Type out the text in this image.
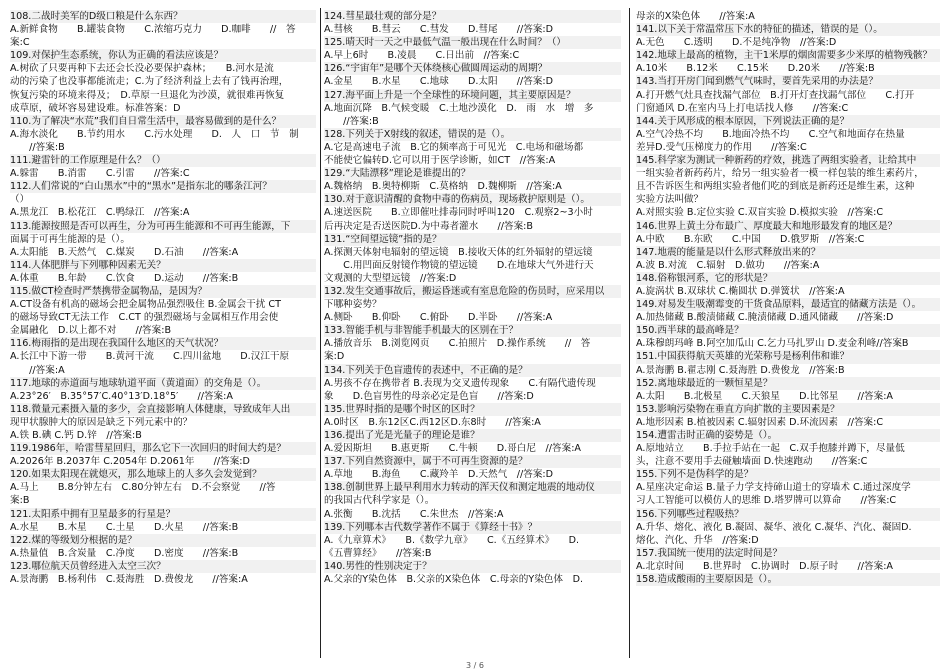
108.二战时美军的D级口粮是什么东西？
A.新鲜食物　　B.罐装食物　　C.浓缩巧克力　　D.咖啡　　//　答
案:C
109.对保护生态系统，你认为正确的看法应该是？
A.树砍了只要再种下去还会长没必要保护森林；　　B.河水是流
动的污染了也没事都能流走；C.为了经济利益上去有了钱再治理，
恢复污染的环境来得及；　D.草原一旦退化为沙漠，就很难再恢复
成草原，破坏容易建设难。标准答案：D
110.为了解决“水荒”我们自日常生活中，最容易做到的是什么？
A.海水淡化　　B.节约用水　　C.污水处理　　D.　人　口　节　制
　　//答案:B
111.避雷针的工作原理是什么？（）
A.躲雷　　B.消雷　　C.引雷　　//答案:C
112.人们常说的“白山黑水”中的“黑水”是指东北的哪条江河？
（）
A.黑龙江　B.松花江　C.鸭绿江　//答案:A
113.能源按照是否可以再生，分为可再生能源和不可再生能源，下
面属于可再生能源的是（）。
A.太阳能　B.天然气　C.煤炭　　D.石油　　//答案:A
114.人体肥胖与下列哪种因素无关？
A.体重　　B.年龄　　C.饮食　　D.运动　　//答案:B
115.做CT检查时严禁携带金属物品，是因为？
A.CT设备有机高的磁场会把金属物品强烈吸住 B.金属会干扰 CT
的磁场导致CT无法工作　C.CT 的强烈磁场与金属相互作用会使
金属融化　D.以上都不对　　//答案:B
116.梅雨指的是出现在我国什么地区的天气状况？
A.长江中下游一带　　B.黄河干流　　C.四川盆地　　D.汉江干原
　　//答案:A
117.地球的赤道面与地球轨道平面（黄道面）的交角是（）。
A.23°26′　B.35°57′C.40°13′D.18°5′　　//答案:A
118.微量元素摄入量的多少，会直接影响人体健康，导致成年人出
现甲状腺肿大的原因是缺乏下列元素中的？
A.铁 B.碘 C.钙 D.锌　//答案:B
119.1986年，哈雷彗星回归，那么它下一次回归的时间大约是？
A.2026年 B.2037年 C.2054年 D.2061年　　//答案:D
120.如果太阳现在就熄灭，那么地球上的人多久会发觉到？
A.马上　　B.8分钟左右　C.80分钟左右　D.不会察觉　　//答
案:B
121.太阳系中拥有卫星最多的行星是？
A.水星　　B.木星　　C.土星　　D.火星　　//答案:B
122.煤的等级划分根据的是？
A.热量值　B.含炭量　C.净度　　D.密度　　//答案:B
123.哪位航天员曾经进入太空三次？
A.景海鹏　B.杨利伟　C.聂海胜　D.费俊龙　　//答案:A
124.彗星最壮观的部分是？
A.彗核　　B.彗云　　C.彗发　　D.彗尾　　//答案:D
125.晴天时一天之中最低气温一般出现在什么时间？（）
A.早上6时　　B.凌晨　　C.日出前　//答案:C
126.“宇宙年”是哪个天体绕核心做圆周运动的周期？
A.金星　　B.水星　　C.地球　　D.太阳　　//答案:D
127.海平面上升是一个全球性的环境问题，其主要原因是？
A.地面沉降　B.气候变暖　C.土地沙漠化　D.　雨　水　增　多
　　//答案:B
128.下列关于X射线的叙述，错误的是（）。
A.它是高速电子流　B.它的频率高于可见光　C.电场和磁场都
不能使它偏转D.它可以用于医学诊断，如CT　//答案:A
129.“大陆漂移”理论是谁提出的？
A.魏格纳　B.奥特柳斯　C.莫格纳　D.魏柳斯　//答案:A
130.对于意识清醒的食物中毒的伤病员，现场救护原则是（）。
A.速送医院　　B.立即催吐排毒同时呼叫120　C.观察2~3小时
后再决定是否送医院D.为中毒者灌水　　//答案:B
131.“空间望远镜”指的是？
A.探测天体射电辐射的望远镜　B.接收天体的红外辐射的望远镜
　　C.用凹面反射镜作物镜的望远镜　　D.在地球大气外进行天
文观测的大型望远镜　//答案:D
132.发生交通事故后，搬运昏迷或有室息危险的伤员时，应采用以
下哪种姿势？
A.侧卧　　B.仰卧　　C.俯卧　　D.半卧　　//答案:A
133.智能手机与非智能手机最大的区别在于？
A.播放音乐　B.浏览网页　　C.拍照片　D.操作系统　　//　答
案:D
134.下列关于色盲遗传的表述中，不正确的是？
A.男孩不存在携带者 B.表现为交叉遗传现象　　C.有隔代遗传现
象　　D.色盲男性的母亲必定是色盲　　//答案:D
135.世界时指的是哪个时区的区时？
A.0时区　B.东12区C.西12区D.东8时　　//答案:A
136.提出了光是光量子的理论是谁？
A.爱因斯坦　　B.惠更斯　　C.牛顿　　D.哥白尼　//答案:A
137.下列自然资源中，属于不可再生资源的是？
A.草地　　B.海鱼　　C.藏羚羊　D.天然气　//答案:D
138.创制世界上最早利用水力转动的浑天仪和测定地震的地动仪
的我国古代科学家是（）。
A.张衡　　B.沈括　　C.朱世杰　//答案:A
139.下列哪本古代数学著作不属于《算经十书》？
A.《九章算术》　　B.《数学九章》　　C.《五经算术》　　D.
《五曹算经》　　//答案:B
140.男性的性别决定于？
A.父亲的Y染色体　B.父亲的X染色体　C.母亲的Y染色体　D.
母亲的X染色体　　//答案:A
141.以下关于常温常压下水的特征的描述，错误的是（）。
A.无色　　C.透明　　D.不是纯净物　//答案:D
142.地球上最高的植物，主干1米厚的烟囱需要多少米厚的植物残骸？
A.10米　　B.12米　　C.15米　　D.20米　　//答案:B
143.当打开房门闻到燃气气味时，要首先采用的办法是？
A.打开燃气灶具查找漏气部位　B.打开灯查找漏气部位　　C.打开
门窗通风 D.在室内马上打电话找人修　　//答案:C
144.关于风形成的根本原因，下列说法正确的是？
A.空气冷热不均　　B.地面冷热不均　　C.空气和地面存在热量
差异D.受气压梯度力的作用　　//答案:C
145.科学家为测试一种新药的疗效，挑选了两组实验者，让给其中
一组实验者新药药片，给另一组实验者一模一样包装的维生素药片，
且不告诉医生和两组实验者他们吃的到底是新药还是维生素，这种
实验方法叫做？
A.对照实验 B.定位实验 C.双盲实验 D.模拟实验　//答案:C
146.世界上黄土分布最广、厚度最大和地形最发育的地区是？
A.中欧　　B.东欧　　C.中国　　D.俄罗斯　//答案:C
147.地震的能量是以什么形式释放出来的？
A.波 B.对流　C.辐射　D.做功　　//答案:A
148.俗称银河系，它的形状是？
A.旋涡状 B.双球状 C.椭圆状 D.弹簧状　//答案:A
149.对易发生吸潮霉变的干货食品原料，最适宜的储藏方法是（）。
A.加热储藏 B.酸渍储藏 C.腌渍储藏 D.通风储藏　　//答案:D
150.西半球的最高峰是？
A.珠穆朗玛峰 B.阿空加瓜山 C.乞力马扎罗山 D.麦金利峰//答案B
151.中国获得航天英雄的光荣称号是杨利伟和谁？
A.景海鹏 B.翟志刚 C.聂海胜 D.费俊龙　//答案:B
152.离地球最近的一颗恒星是？
A.太阳　　B.北极星　　C.天狼星　　D.比邻星　　//答案:A
153.影响污染物在垂直方向扩散的主要因素是？
A.地形因素 B.植被因素 C.辐射因素 D.环流因素　//答案:C
154.遭雷击时正确的姿势是（）。
A.原地站立　　B.手拉手站在一起　C.双手抱膝并蹲下，尽量低
头，注意不要用手去碰触墙面 D.快速跑动　　//答案:C
155.下列不是伪科学的是？
A.星座决定命运 B.量子力学支持碲山道士的穿墙术 C.通过深度学
习人工智能可以模仿人的思维 D.塔罗牌可以算命　　//答案:C
156.下列哪些过程吸热？
A.升华、熔化、液化 B.凝固、凝华、液化 C.凝华、汽化、凝固D.
熔化、汽化、升华　//答案:D
157.我国统一使用的法定时间是？
A.北京时间　　B.世界时　C.协调时　D.原子时　　//答案:A
158.造成酸雨的主要原因是（）。
3 / 6
